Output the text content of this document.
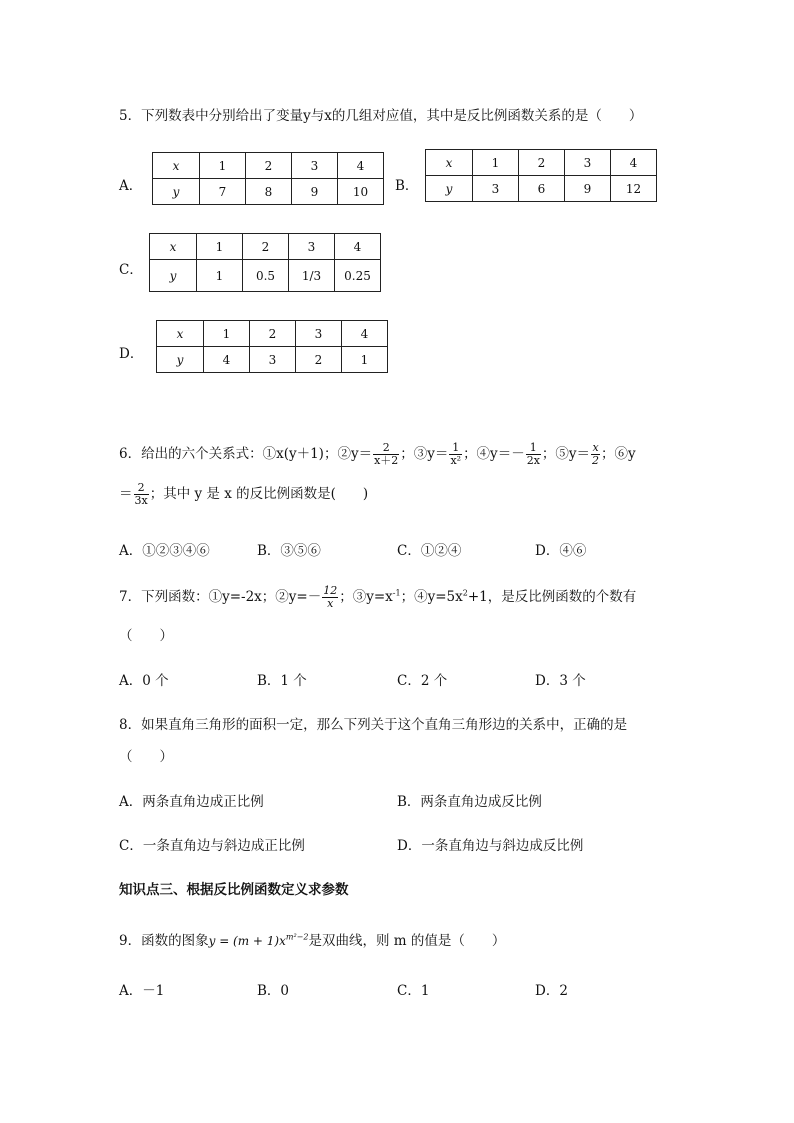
5．下列数表中分别给出了变量y与x的几组对应值，其中是反比例函数关系的是（　　）
A．
x	1	2	3	4
y	7	8	9	10 B．
x	1	2	3	4
y	3	6	9	12
C．
x	1	2	3	4
y	1	0.5	1/3	0.25
D．
x	1	2	3	4
y	4	3	2	1
6．给出的六个关系式：①x(y＋1)；②y＝ $\frac{2}{x+2}$ ；③y＝ $\frac{1}{\text{x²}}$ ；④y＝－ $\frac{1}{2x}$ ；⑤y＝ $\frac{x}{2}$ ；⑥y
＝ $\frac{2}{3x}$ ；其中 y 是 x 的反比例函数是(　　)
A．①②③④⑥	B．③⑤⑥	C．①②④	D．④⑥
7．下列函数：①y=-2x；②y=－ $\frac{12}{x}$ ；$③y=x^{-1}$；$④y=5x^2+1$，是反比例函数的个数有
（　　）
A．0 个	B．1 个	C．2 个	D．3 个
8．如果直角三角形的面积一定，那么下列关于这个直角三角形边的关系中，正确的是
（　　）
A．两条直角边成正比例	B．两条直角边成反比例
C．一条直角边与斜边成正比例	D．一条直角边与斜边成反比例
知识点三、根据反比例函数定义求参数
9．函数的图象$y = (m + 1)x^{m^2-2}$是双曲线，则 m 的值是（　　）
A．－1	B．0	C．1	D．2
